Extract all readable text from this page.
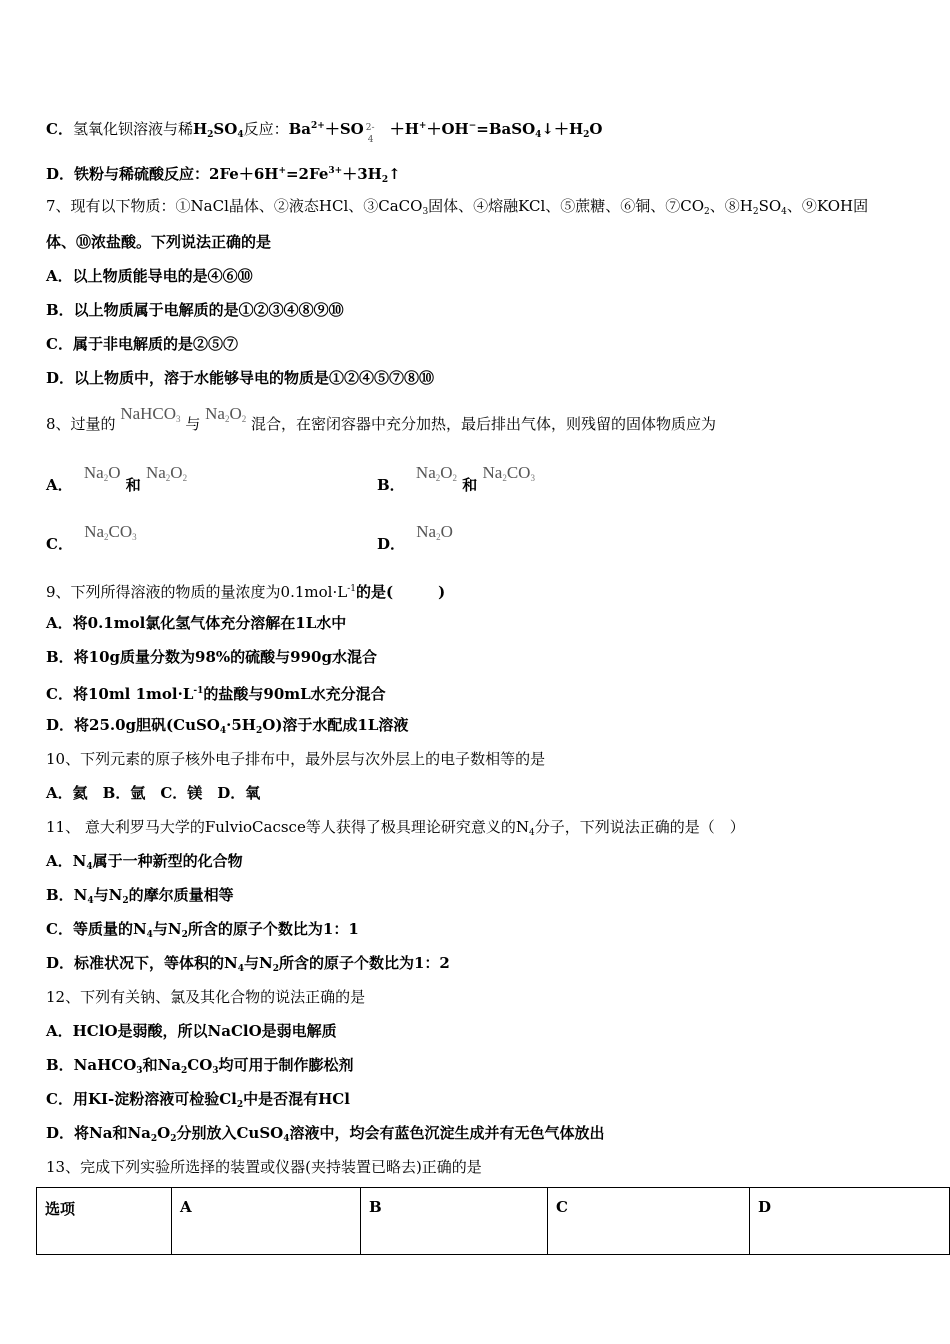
C．氢氧化钡溶液与稀$H_2SO_4$反应：$Ba^{2+}+SO$ 2-
4
$+H^++OH^-=BaSO_4↓+H_2O$
D．铁粉与稀硫酸反应：$2Fe+6H^+=2Fe^{3+}+3H_2↑$
7、现有以下物质：①NaCl晶体、②液态HCl、③CaCO$_3$固体、④熔融KCl、⑤蔗糖、⑥铜、$⑦CO_2$、$⑧H_2SO_4$、⑨KOH固
体、⑩浓盐酸。下列说法正确的是
A．以上物质能导电的是④⑥⑩
B．以上物质属于电解质的是①②③④⑧⑨⑩
C．属于非电解质的是②⑤⑦
D．以上物质中，溶于水能够导电的物质是①②④⑤⑦⑧⑩
8、过量的 NaHCO$_3$ 与 $Na_2O_2$ 混合，在密闭容器中充分加热，最后排出气体，则残留的固体物质应为
A． $Na_2O$ 和 $Na_2O_2$	B． $Na_2O_2$ 和 $Na_2CO_3$
C． $Na_2CO_3$	D． $Na_2O$
9、下列所得溶液的物质的量浓度为$0.1mol\cdot L^{-1}$的是(　　　)
A．将0.1mol氯化氢气体充分溶解在1L水中
B．将10g质量分数为98%的硫酸与990g水混合
C．将10ml $1mol\cdot L^{-1}$的盐酸与90mL水充分混合
D．将25.0g胆矾$(CuSO_4\cdot 5H_2O)$溶于水配成1L溶液
10、下列元素的原子核外电子排布中，最外层与次外层上的电子数相等的是
A．氦　B．氩　C．镁　D．氧
11、 意大利罗马大学的FulvioCacsce等人获得了极具理论研究意义的$N_4$分子，下列说法正确的是（　）
A．$N_4$属于一种新型的化合物
B．$N_4$与$N_2$的摩尔质量相等
C．等质量的$N_4$与$N_2$所含的原子个数比为1：1
D．标准状况下，等体积的$N_4$与$N_2$所含的原子个数比为1：2
12、下列有关钠、氯及其化合物的说法正确的是
A．HClO是弱酸，所以NaClO是弱电解质
B．NaHCO$_3$和$Na_2CO_3$均可用于制作膨松剂
C．用KI-淀粉溶液可检验$Cl_2$中是否混有HCl
D．将Na和$Na_2O_2$分别放入CuSO$_4$溶液中，均会有蓝色沉淀生成并有无色气体放出
13、完成下列实验所选择的装置或仪器(夹持装置已略去)正确的是
选项	A	B	C	D
